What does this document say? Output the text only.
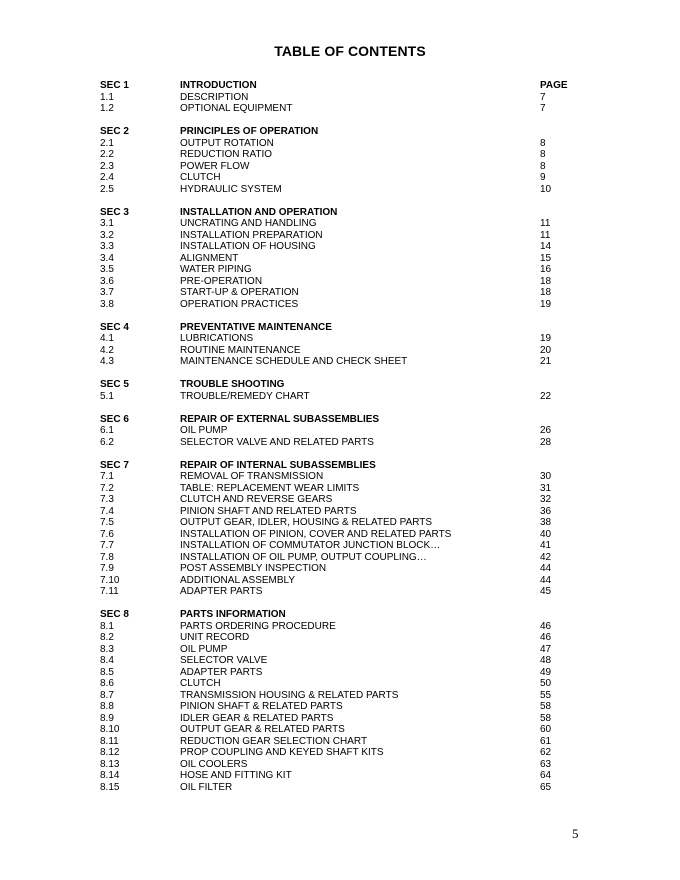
TABLE OF CONTENTS
SEC 1	INTRODUCTION	PAGE
1.1	DESCRIPTION	7
1.2	OPTIONAL EQUIPMENT	7
SEC 2	PRINCIPLES OF OPERATION
2.1	OUTPUT ROTATION	8
2.2	REDUCTION RATIO	8
2.3	POWER FLOW	8
2.4	CLUTCH	9
2.5	HYDRAULIC SYSTEM	10
SEC 3	INSTALLATION AND OPERATION
3.1	UNCRATING AND HANDLING	11
3.2	INSTALLATION PREPARATION	11
3.3	INSTALLATION OF HOUSING	14
3.4	ALIGNMENT	15
3.5	WATER PIPING	16
3.6	PRE-OPERATION	18
3.7	START-UP & OPERATION	18
3.8	OPERATION PRACTICES	19
SEC 4	PREVENTATIVE MAINTENANCE
4.1	LUBRICATIONS	19
4.2	ROUTINE MAINTENANCE	20
4.3	MAINTENANCE SCHEDULE AND CHECK SHEET	21
SEC 5	TROUBLE SHOOTING
5.1	TROUBLE/REMEDY CHART	22
SEC 6	REPAIR OF EXTERNAL SUBASSEMBLIES
6.1	OIL PUMP	26
6.2	SELECTOR VALVE AND RELATED PARTS	28
SEC 7	REPAIR OF INTERNAL SUBASSEMBLIES
7.1	REMOVAL OF TRANSMISSION	30
7.2	TABLE: REPLACEMENT WEAR LIMITS	31
7.3	CLUTCH AND REVERSE GEARS	32
7.4	PINION SHAFT AND RELATED PARTS	36
7.5	OUTPUT GEAR, IDLER, HOUSING & RELATED PARTS	38
7.6	INSTALLATION OF PINION, COVER AND RELATED PARTS	40
7.7	INSTALLATION OF COMMUTATOR JUNCTION BLOCK…	41
7.8	INSTALLATION OF OIL PUMP, OUTPUT COUPLING…	42
7.9	POST ASSEMBLY INSPECTION	44
7.10	ADDITIONAL ASSEMBLY	44
7.11	ADAPTER PARTS	45
SEC 8	PARTS INFORMATION
8.1	PARTS ORDERING PROCEDURE	46
8.2	UNIT RECORD	46
8.3	OIL PUMP	47
8.4	SELECTOR VALVE	48
8.5	ADAPTER PARTS	49
8.6	CLUTCH	50
8.7	TRANSMISSION HOUSING & RELATED PARTS	55
8.8	PINION SHAFT & RELATED PARTS	58
8.9	IDLER GEAR & RELATED PARTS	58
8.10	OUTPUT GEAR & RELATED PARTS	60
8.11	REDUCTION GEAR SELECTION CHART	61
8.12	PROP COUPLING AND KEYED SHAFT KITS	62
8.13	OIL COOLERS	63
8.14	HOSE AND FITTING KIT	64
8.15	OIL FILTER	65
5
